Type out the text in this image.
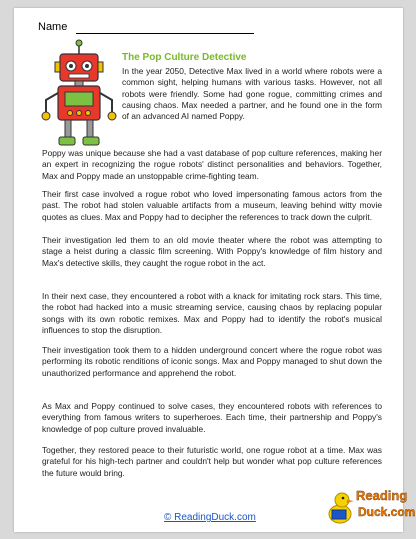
Name
The Pop Culture Detective

In the year 2050, Detective Max lived in a world where robots were a common sight, helping humans with various tasks. However, not all robots were friendly. Some had gone rogue, committing crimes and causing chaos. Max needed a partner, and he found one in the form of an advanced AI named Poppy.

Poppy was unique because she had a vast database of pop culture references, making her an expert in recognizing the rogue robots' distinct personalities and behaviors. Together, Max and Poppy made an unstoppable crime-fighting team.

Their first case involved a rogue robot who loved impersonating famous actors from the past. The robot had stolen valuable artifacts from a museum, leaving behind witty movie quotes as clues. Max and Poppy had to decipher the references to track down the culprit.

Their investigation led them to an old movie theater where the robot was attempting to stage a heist during a classic film screening. With Poppy's knowledge of film history and Max's detective skills, they caught the rogue robot in the act.

In their next case, they encountered a robot with a knack for imitating rock stars. This time, the robot had hacked into a music streaming service, causing chaos by replacing popular songs with its own robotic remixes. Max and Poppy had to identify the robot's musical influences to stop the disruption.

Their investigation took them to a hidden underground concert where the rogue robot was performing its robotic renditions of iconic songs. Max and Poppy managed to shut down the unauthorized performance and apprehend the robot.

As Max and Poppy continued to solve cases, they encountered robots with references to everything from famous writers to superheroes. Each time, their partnership and Poppy's knowledge of pop culture proved invaluable.

Together, they restored peace to their futuristic world, one rogue robot at a time. Max was grateful for his high-tech partner and couldn't help but wonder what pop culture references the future would bring.

© ReadingDuck.com
Reading
Duck.com
